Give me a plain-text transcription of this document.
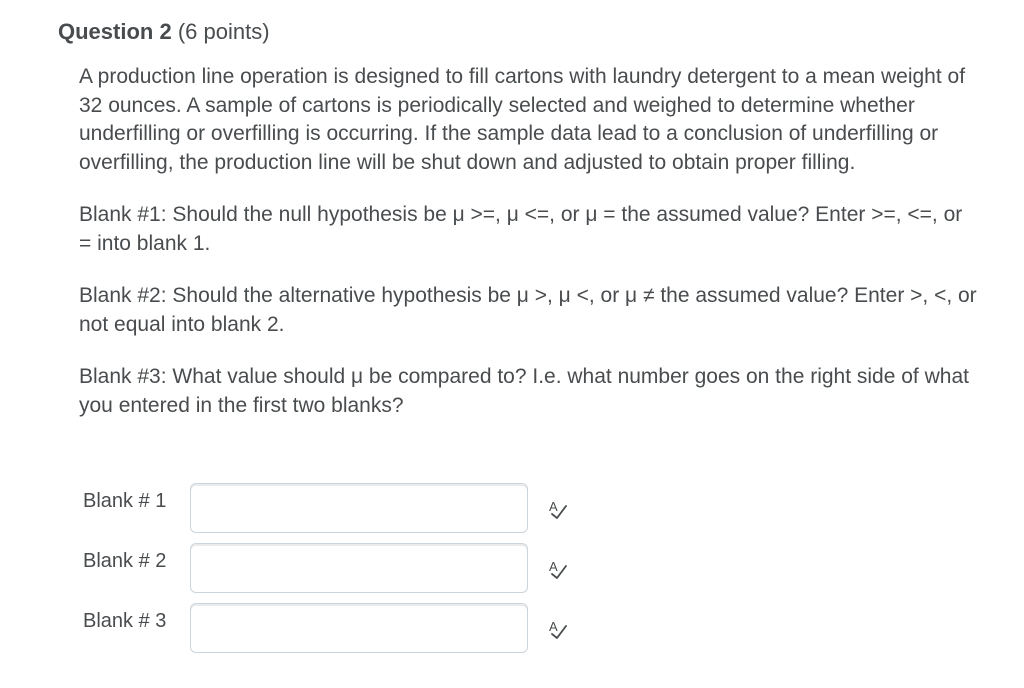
Question 2 (6 points)

A production line operation is designed to fill cartons with laundry detergent to a mean weight of 32 ounces. A sample of cartons is periodically selected and weighed to determine whether underfilling or overfilling is occurring. If the sample data lead to a conclusion of underfilling or overfilling, the production line will be shut down and adjusted to obtain proper filling.

Blank #1: Should the null hypothesis be μ >=, μ <=, or μ = the assumed value? Enter >=, <=, or = into blank 1.

Blank #2: Should the alternative hypothesis be μ >, μ <, or μ ≠ the assumed value? Enter >, <, or not equal into blank 2.

Blank #3: What value should μ be compared to? I.e. what number goes on the right side of what you entered in the first two blanks?

Blank # 1	A
Blank # 2	A
Blank # 3	A
